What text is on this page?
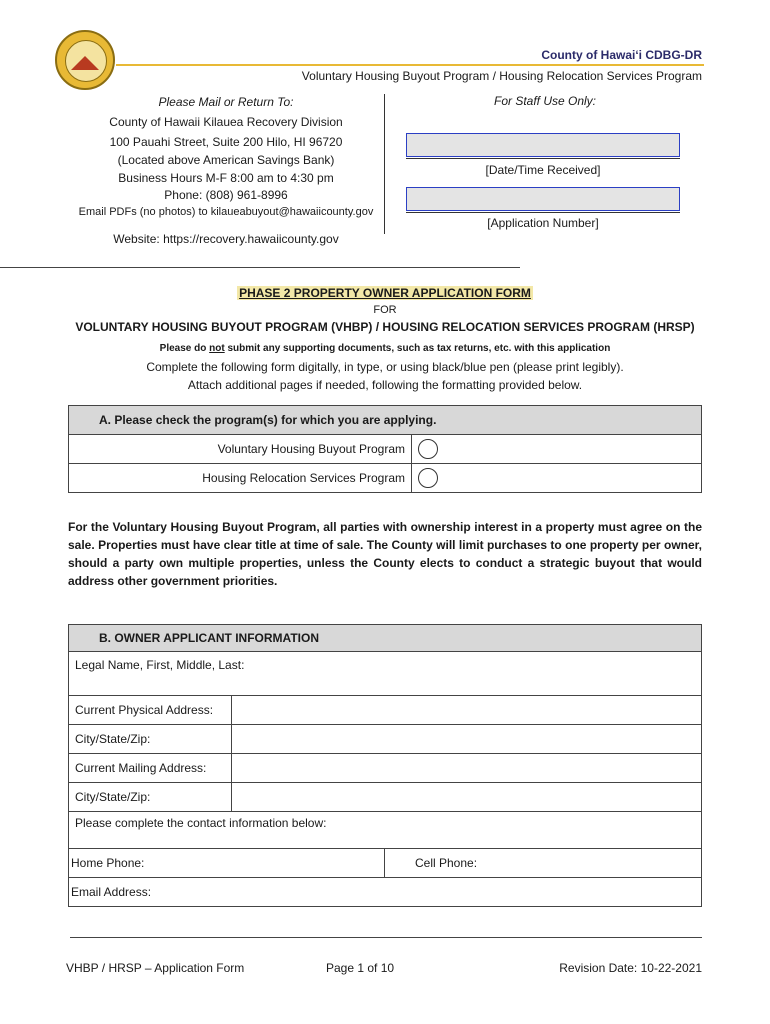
County of Hawaiʻi CDBG-DR
Voluntary Housing Buyout Program / Housing Relocation Services Program
Please Mail or Return To:
County of Hawaii Kilauea Recovery Division
100 Pauahi Street, Suite 200 Hilo, HI 96720
(Located above American Savings Bank)
Business Hours M-F 8:00 am to 4:30 pm
Phone: (808) 961-8996
Email PDFs (no photos) to kilaueabuyout@hawaiicounty.gov
Website: https://recovery.hawaiicounty.gov
For Staff Use Only:
[Date/Time Received]
[Application Number]
PHASE 2 PROPERTY OWNER APPLICATION FORM
FOR
VOLUNTARY HOUSING BUYOUT PROGRAM (VHBP) / HOUSING RELOCATION SERVICES PROGRAM (HRSP)
Please do not submit any supporting documents, such as tax returns, etc. with this application
Complete the following form digitally, in type, or using black/blue pen (please print legibly).
Attach additional pages if needed, following the formatting provided below.
A. Please check the program(s) for which you are applying.	
Voluntary Housing Buyout Program	
Housing Relocation Services Program	
For the Voluntary Housing Buyout Program, all parties with ownership interest in a property must agree on the sale. Properties must have clear title at time of sale. The County will limit purchases to one property per owner, should a party own multiple properties, unless the County elects to conduct a strategic buyout that would address other government priorities.
B. OWNER APPLICANT INFORMATION		
Legal Name, First, Middle, Last:		
Current Physical Address:		
City/State/Zip:		
Current Mailing Address:		
City/State/Zip:		
Please complete the contact information below:		
Home Phone:		Cell Phone:
Email Address:		
VHBP / HRSP – Application Form	Page 1 of 10	Revision Date: 10-22-2021
